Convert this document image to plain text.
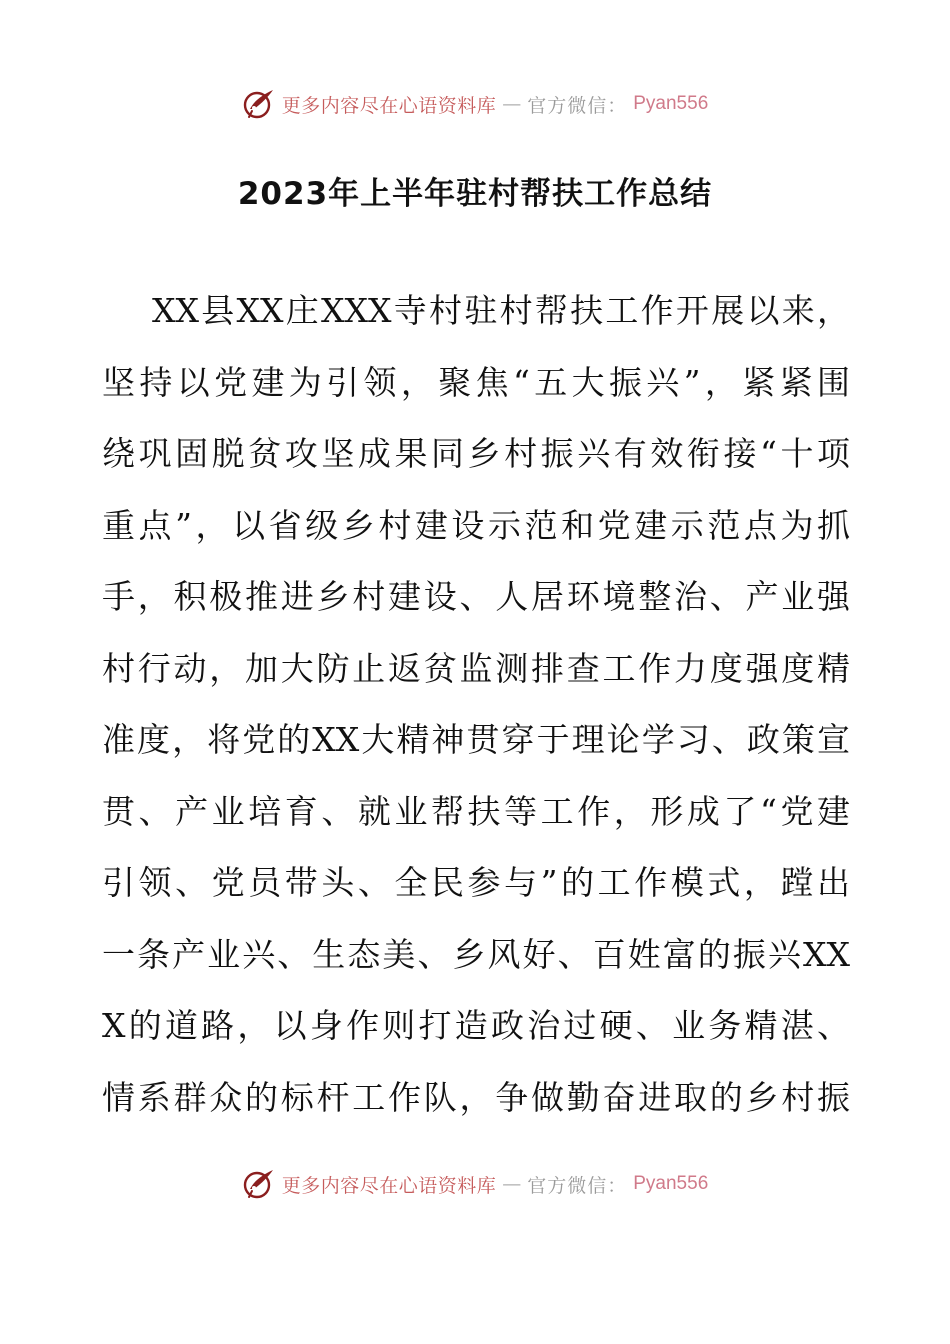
更多内容尽在心语资料库 — 官方微信： Pyan556
2023年上半年驻村帮扶工作总结
XX县XX庄XXX寺村驻村帮扶工作开展以来，
坚持以党建为引领，聚焦“五大振兴”，紧紧围
绕巩固脱贫攻坚成果同乡村振兴有效衔接“十项
重点”，以省级乡村建设示范和党建示范点为抓
手，积极推进乡村建设、人居环境整治、产业强
村行动，加大防止返贫监测排查工作力度强度精
准度，将党的XX大精神贯穿于理论学习、政策宣
贯、产业培育、就业帮扶等工作，形成了“党建
引领、党员带头、全民参与”的工作模式，蹚出
一条产业兴、生态美、乡风好、百姓富的振兴XX
X的道路，以身作则打造政治过硬、业务精湛、
情系群众的标杆工作队，争做勤奋进取的乡村振
更多内容尽在心语资料库 — 官方微信： Pyan556
